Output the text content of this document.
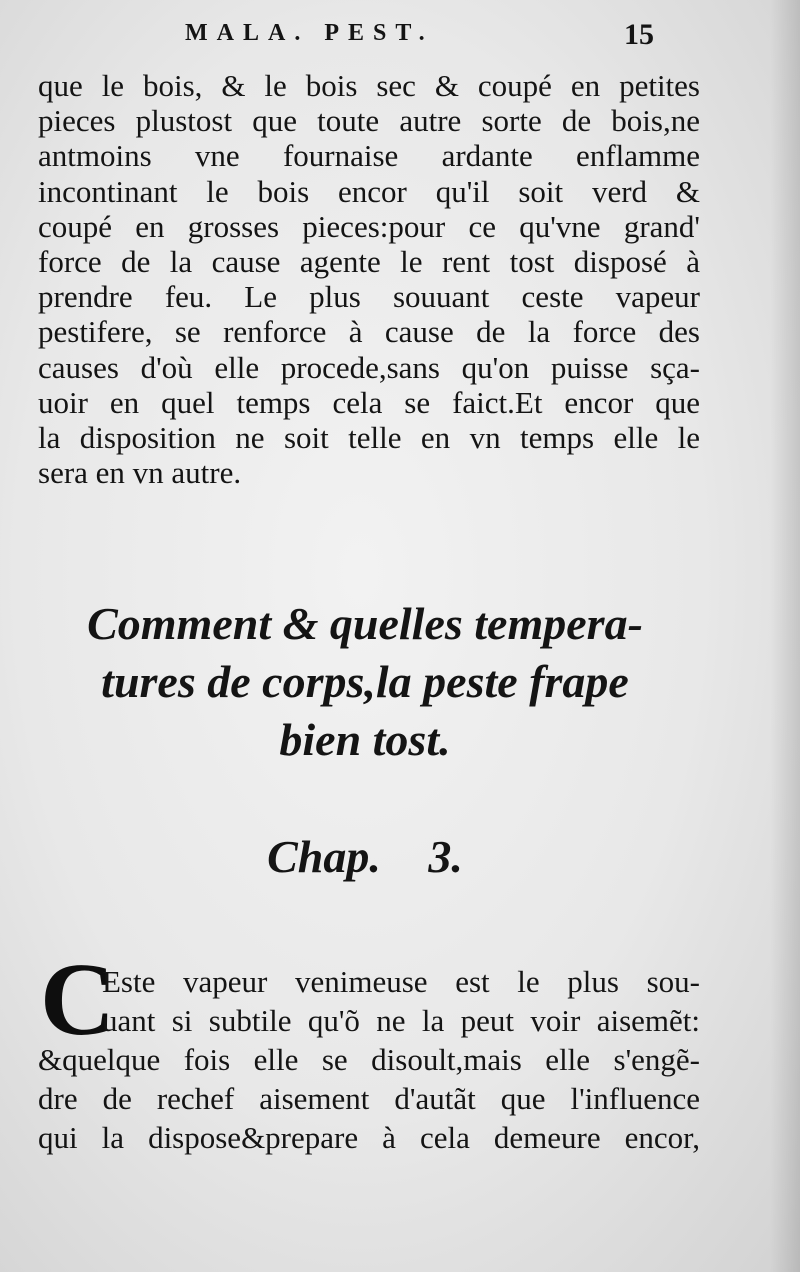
MALA. PEST.	15
que le bois, & le bois sec & coupé en petites
pieces plustost que toute autre sorte de bois,ne
antmoins vne fournaise ardante enflamme
incontinant le bois encor qu'il soit verd &
coupé en grosses pieces:pour ce qu'vne grand'
force de la cause agente le rent tost disposé à
prendre feu. Le plus souuant ceste vapeur
pestifere, se renforce à cause de la force des
causes d'où elle procede,sans qu'on puisse sça-
uoir en quel temps cela se faict.Et encor que
la disposition ne soit telle en vn temps elle le
sera en vn autre.
Comment & quelles tempera-
tures de corps,la peste frape
bien tost.
Chap. 3.
C
Este vapeur venimeuse est le plus sou-
uant si subtile qu'õ ne la peut voir aisemẽt:
&quelque fois elle se disoult,mais elle s'engẽ-
dre de rechef aisement d'autãt que l'influence
qui la dispose&prepare à cela demeure encor,
